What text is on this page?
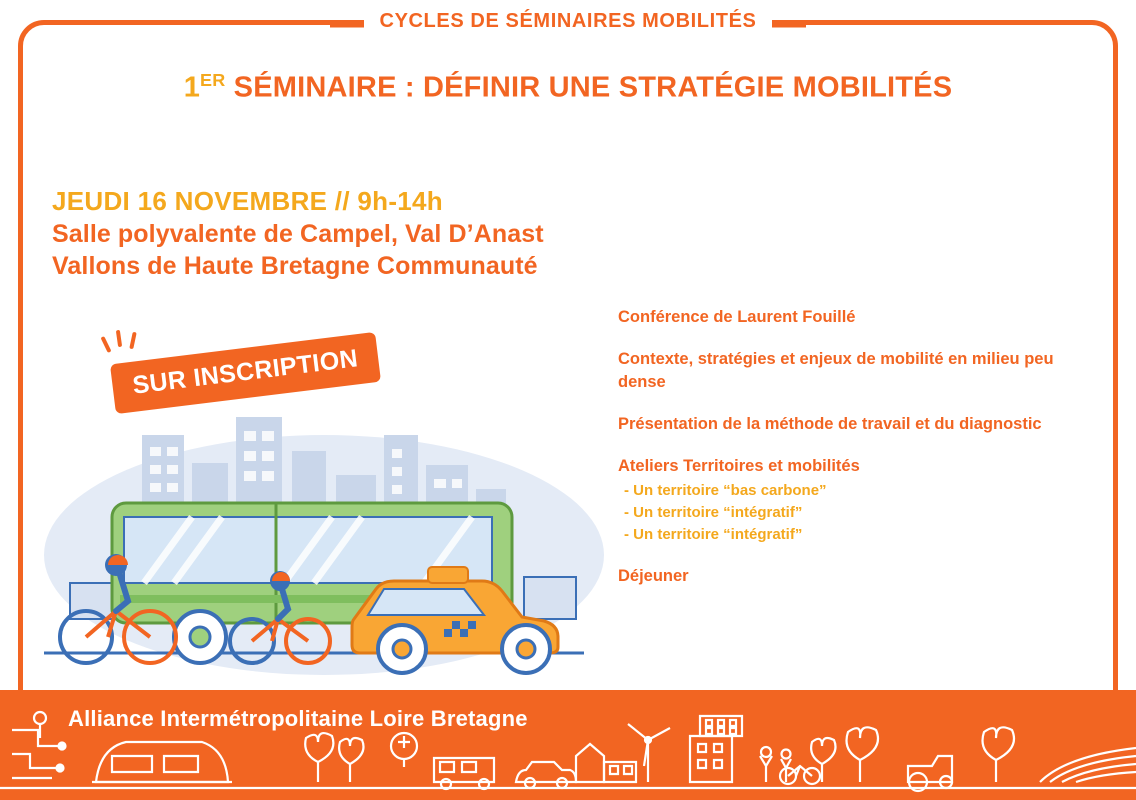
CYCLES DE SÉMINAIRES MOBILITÉS
1ER SÉMINAIRE : DÉFINIR UNE STRATÉGIE MOBILITÉS
JEUDI 16 NOVEMBRE // 9h-14h
Salle polyvalente de Campel, Val D’Anast
Vallons de Haute Bretagne Communauté
SUR INSCRIPTION
Conférence de Laurent Fouillé
Contexte, stratégies et enjeux de mobilité en milieu peu dense
Présentation de la méthode de travail et du diagnostic
Ateliers Territoires et mobilités
- Un territoire “bas carbone”
- Un territoire “intégratif”
- Un territoire “intégratif”
Déjeuner
Alliance Intermétropolitaine Loire Bretagne
